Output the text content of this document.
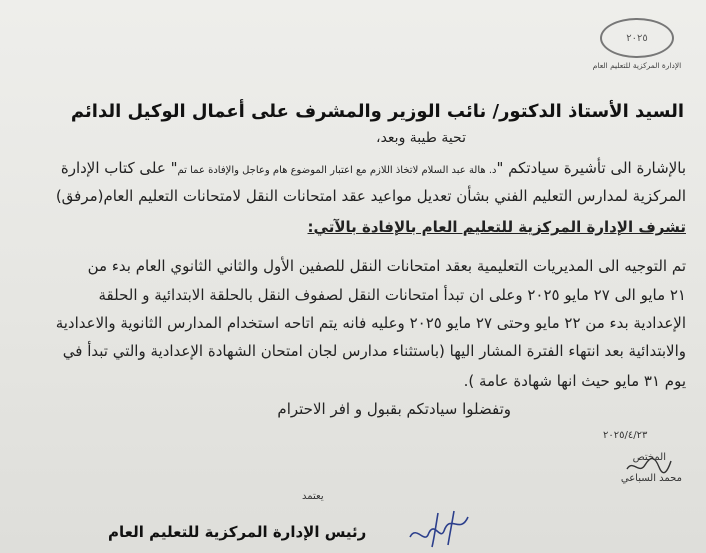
٢٠٢٥
الإدارة المركزية للتعليم العام
السيد الأستاذ الدكتور/ نائب الوزير والمشرف على أعمال الوكيل الدائم
تحية طيبة وبعد،
بالإشارة الى تأشيرة سيادتكم "د. هالة عبد السلام لاتخاذ اللازم مع اعتبار الموضوع هام وعاجل والإفادة عما تم" على كتاب الإدارة
المركزية لمدارس التعليم الفني بشأن تعديل مواعيد عقد امتحانات النقل لامتحانات التعليم العام(مرفق)
تشرف الإدارة المركزية للتعليم العام بالإفادة بالآتي:
تم التوجيه الى المديريات التعليمية بعقد امتحانات النقل للصفين الأول والثاني الثانوي العام بدء من
٢١ مايو الى ٢٧ مايو ٢٠٢٥ وعلى ان تبدأ امتحانات النقل لصفوف النقل بالحلقة الابتدائية و الحلقة
الإعدادية بدء من ٢٢ مايو وحتى ٢٧ مايو ٢٠٢٥ وعليه فانه يتم اتاحه استخدام المدارس الثانوية والاعدادية
والابتدائية بعد انتهاء الفترة المشار اليها (باستثناء مدارس لجان امتحان الشهادة الإعدادية والتي تبدأ في
يوم ٣١ مايو حيث انها شهادة عامة ).
وتفضلوا سيادتكم بقبول و افر الاحترام
٢٠٢٥/٤/٢٣
المختص
محمد السباعي
يعتمد
رئيس الإدارة المركزية للتعليم العام
